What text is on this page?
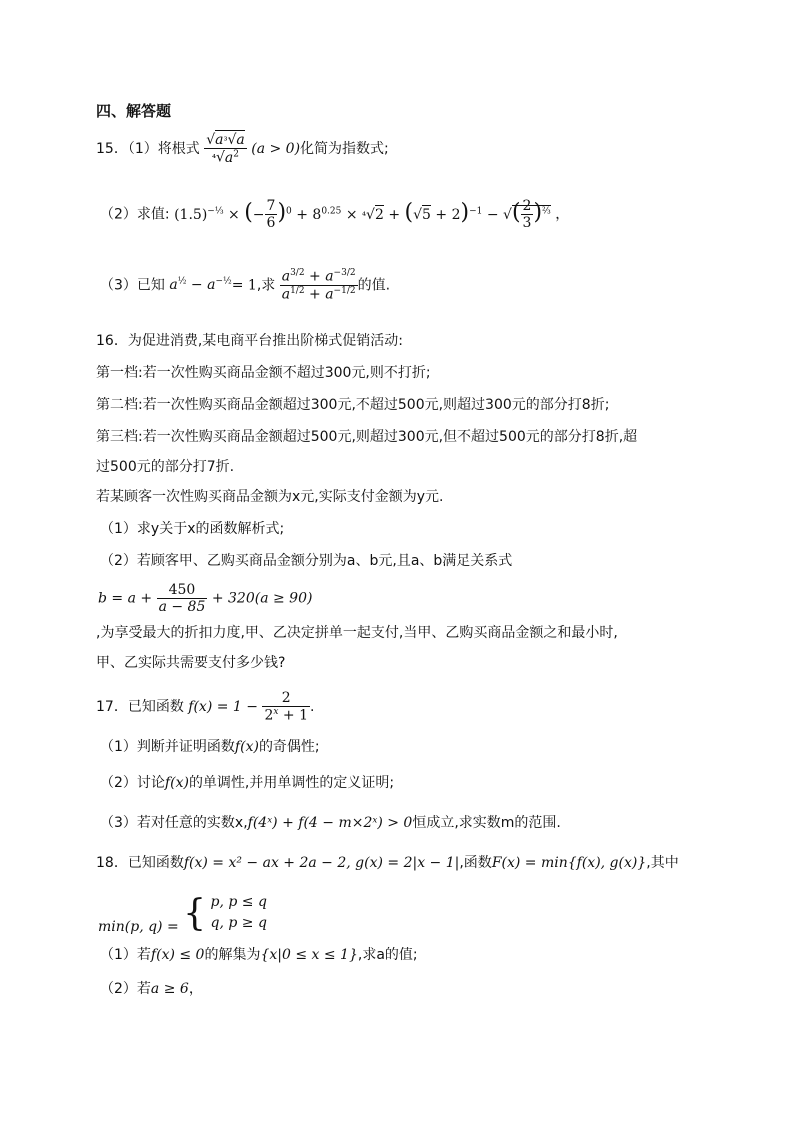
四、解答题
15．（1）将根式 $\frac{\text{√a³√a}}{^4√a^2} (a > 0)$化简为指数式;
（2）求值: $(1.5)^{-\frac{1}{3}}$ × (− $\frac{7}{6} )^0 + 8^{0.25} \times ^4√2 + (√5 + 2)^{-1}$ − √( $\frac{2}{3} )^{\frac{2}{3}}$ ，
（3）已知 $a^{\frac{1}{2}} - a^{-\frac{1}{2}}= 1$,求 $\frac{a^{3/2} + a^{-3/2}}{a^{1/2} + a^{-1/2}}$ 的值.
16．为促进消费,某电商平台推出阶梯式促销活动:
第一档:若一次性购买商品金额不超过300元,则不打折;
第二档:若一次性购买商品金额超过300元,不超过500元,则超过300元的部分打8折;
第三档:若一次性购买商品金额超过500元,则超过300元,但不超过500元的部分打8折,超
过500元的部分打7折.
若某顾客一次性购买商品金额为x元,实际支付金额为y元.
（1）求y关于x的函数解析式;
（2）若顾客甲、乙购买商品金额分别为a、b元,且a、b满足关系式
$b = a + \frac{450}{a - 85} + 320(a \ge 90)$
,为享受最大的折扣力度,甲、乙决定拼单一起支付,当甲、乙购买商品金额之和最小时,
甲、乙实际共需要支付多少钱?
17．已知函数 $f(x) = 1 - \frac{2}{2^x + 1}$ .
（1）判断并证明函数f(x)的奇偶性;
（2）讨论f(x)的单调性,并用单调性的定义证明;
（3）若对任意的实数x,f(4ˣ) + f(4 − m×2ˣ) > 0恒成立,求实数m的范围.
18．已知函数f(x) = x² − ax + 2a − 2, g(x) = 2|x − 1|,函数F(x) = min{f(x), g(x)},其中
min(p, q) = { p, p ≤ q
q, p ≥ q
（1）若f(x) ≤ 0的解集为{x|0 ≤ x ≤ 1},求a的值;
（2）若a ≥ 6，
